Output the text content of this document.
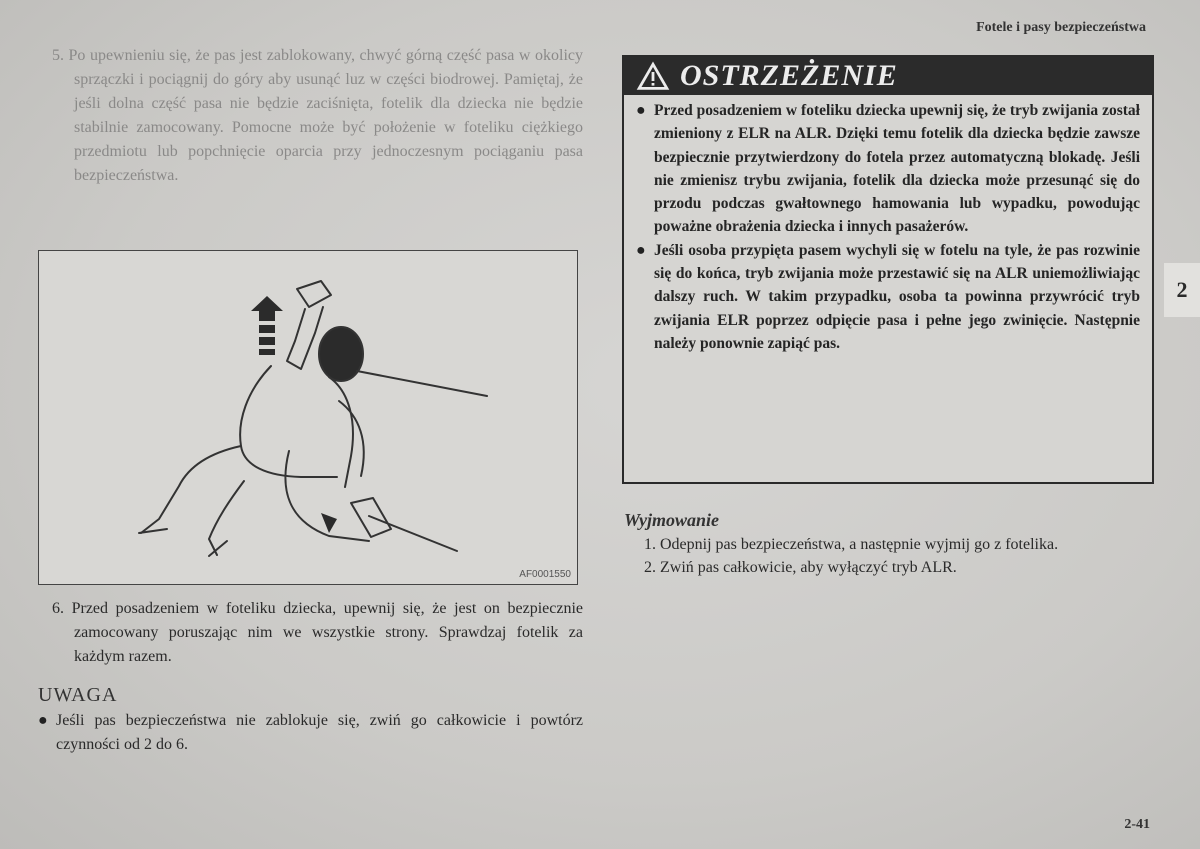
Fotele i pasy bezpieczeństwa
2

5. Po upewnieniu się, że pas jest zablokowany, chwyć górną część pasa w okolicy sprzączki i pociągnij do góry aby usunąć luz w części biodrowej. Pamiętaj, że jeśli dolna część pasa nie będzie zaciśnięta, fotelik dla dziecka nie będzie stabilnie zamocowany. Pomocne może być położenie w foteliku ciężkiego przedmiotu lub popchnięcie oparcia przy jednoczesnym pociąganiu pasa bezpieczeństwa.

AF0001550

6. Przed posadzeniem w foteliku dziecka, upewnij się, że jest on bezpiecznie zamocowany poruszając nim we wszystkie strony. Sprawdzaj fotelik za każdym razem.

UWAGA
● Jeśli pas bezpieczeństwa nie zablokuje się, zwiń go całkowicie i powtórz czynności od 2 do 6.
OSTRZEŻENIE
● Przed posadzeniem w foteliku dziecka upewnij się, że tryb zwijania został zmieniony z ELR na ALR. Dzięki temu fotelik dla dziecka będzie zawsze bezpiecznie przytwierdzony do fotela przez automatyczną blokadę. Jeśli nie zmienisz trybu zwijania, fotelik dla dziecka może przesunąć się do przodu podczas gwałtownego hamowania lub wypadku, powodując poważne obrażenia dziecka i innych pasażerów.
● Jeśli osoba przypięta pasem wychyli się w fotelu na tyle, że pas rozwinie się do końca, tryb zwijania może przestawić się na ALR uniemożliwiając dalszy ruch. W takim przypadku, osoba ta powinna przywrócić tryb zwijania ELR poprzez odpięcie pasa i pełne jego zwinięcie. Następnie należy ponownie zapiąć pas.
Wyjmowanie

1. Odepnij pas bezpieczeństwa, a następnie wyjmij go z fotelika.

2. Zwiń pas całkowicie, aby wyłączyć tryb ALR.

2-41
